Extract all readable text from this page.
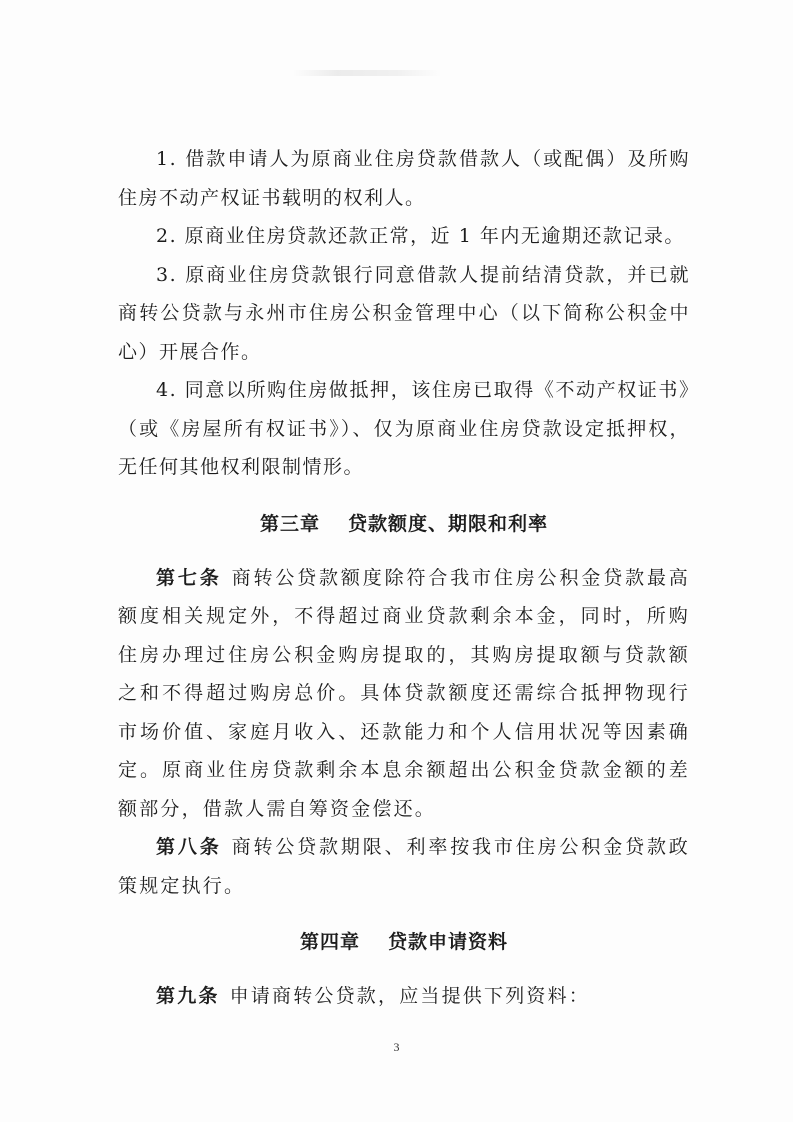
1. 借款申请人为原商业住房贷款借款人（或配偶）及所购住房不动产权证书载明的权利人。

2. 原商业住房贷款还款正常，近 1 年内无逾期还款记录。

3. 原商业住房贷款银行同意借款人提前结清贷款，并已就商转公贷款与永州市住房公积金管理中心（以下简称公积金中心）开展合作。

4. 同意以所购住房做抵押，该住房已取得《不动产权证书》（或《房屋所有权证书》）、仅为原商业住房贷款设定抵押权，无任何其他权利限制情形。

第三章 贷款额度、期限和利率

第七条 商转公贷款额度除符合我市住房公积金贷款最高额度相关规定外，不得超过商业贷款剩余本金，同时，所购住房办理过住房公积金购房提取的，其购房提取额与贷款额之和不得超过购房总价。具体贷款额度还需综合抵押物现行市场价值、家庭月收入、还款能力和个人信用状况等因素确定。原商业住房贷款剩余本息余额超出公积金贷款金额的差额部分，借款人需自筹资金偿还。

第八条 商转公贷款期限、利率按我市住房公积金贷款政策规定执行。

第四章 贷款申请资料

第九条 申请商转公贷款，应当提供下列资料：

3
